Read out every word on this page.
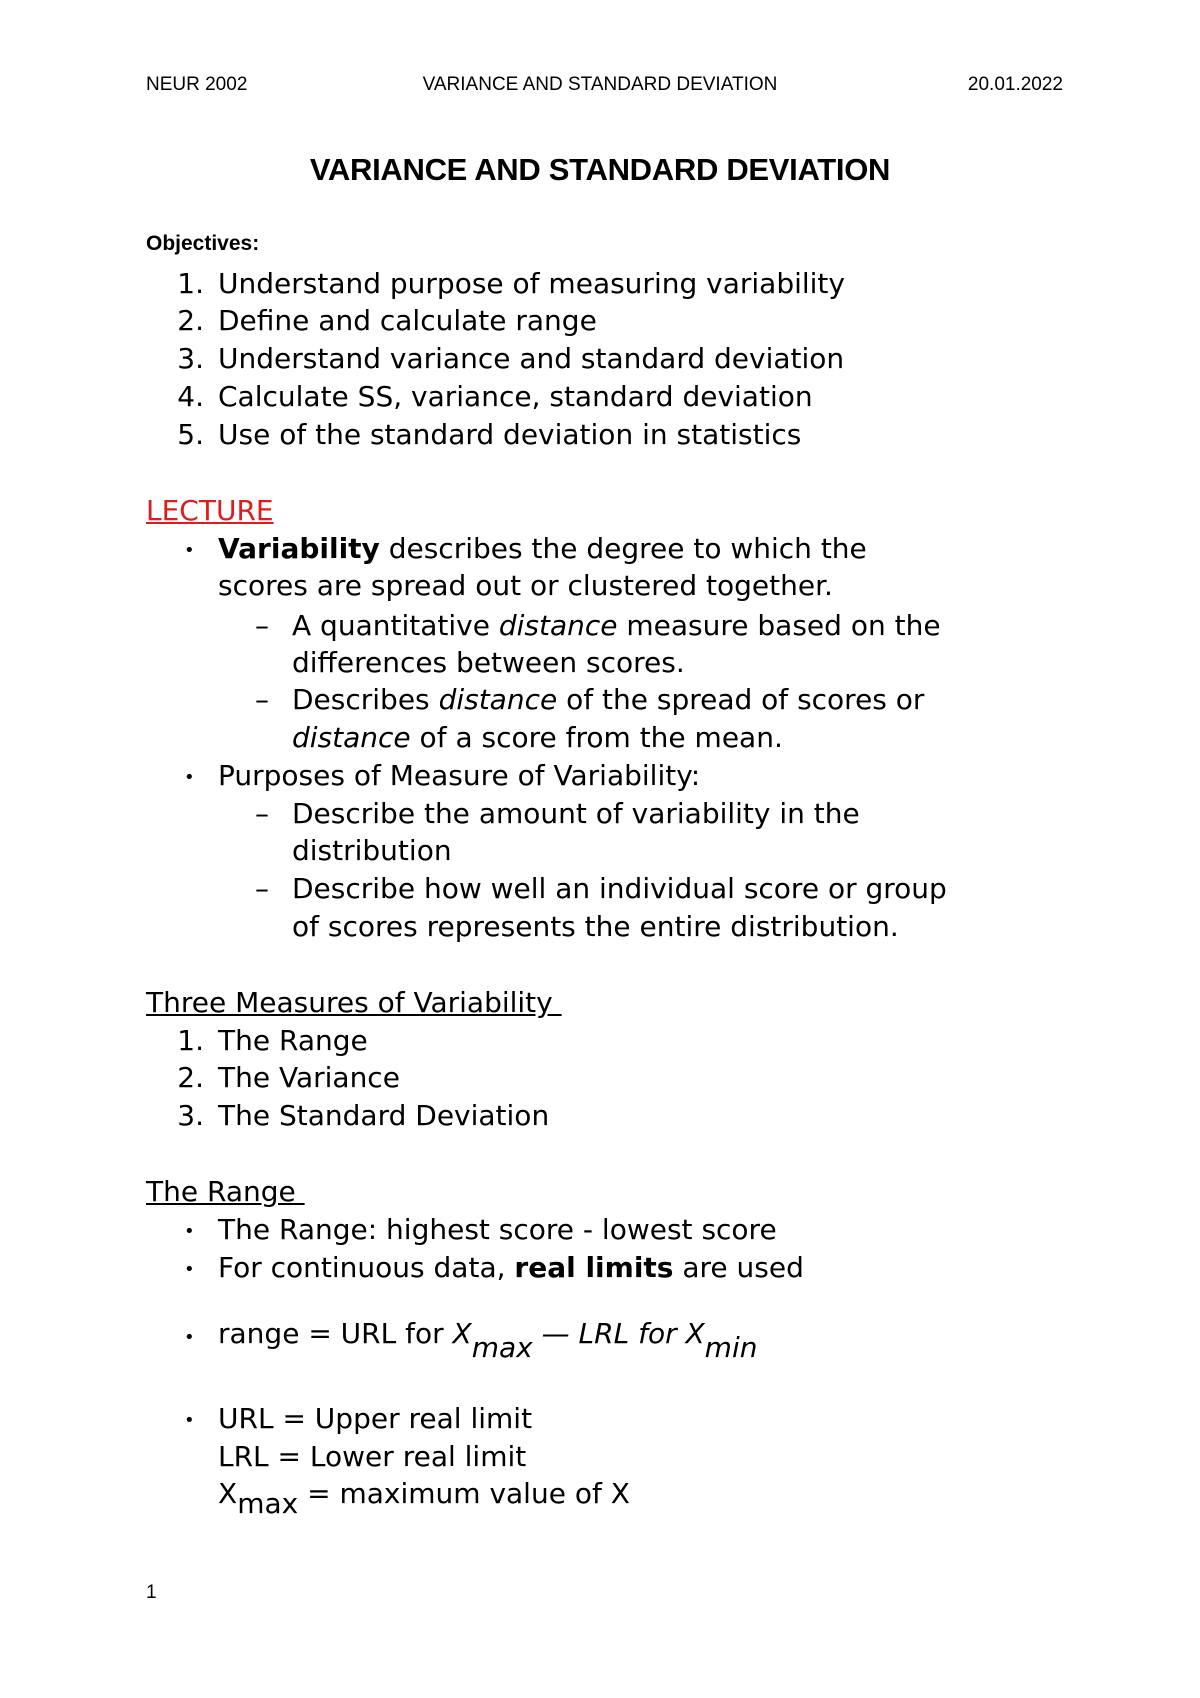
NEUR 2002	VARIANCE AND STANDARD DEVIATION	20.01.2022
VARIANCE AND STANDARD DEVIATION
Objectives:
1. Understand purpose of measuring variability
2. Define and calculate range
3. Understand variance and standard deviation
4. Calculate SS, variance, standard deviation
5. Use of the standard deviation in statistics
LECTURE
• Variability describes the degree to which the
scores are spread out or clustered together.
– A quantitative distance measure based on the
differences between scores.
– Describes distance of the spread of scores or
distance of a score from the mean.
• Purposes of Measure of Variability:
– Describe the amount of variability in the
distribution
– Describe how well an individual score or group
of scores represents the entire distribution.
Three Measures of Variability
1. The Range
2. The Variance
3. The Standard Deviation
The Range
• The Range: highest score - lowest score
• For continuous data, real limits are used
• range = URL for Xmax — LRL for Xmin
• URL = Upper real limit
LRL = Lower real limit
Xmax = maximum value of X
1
